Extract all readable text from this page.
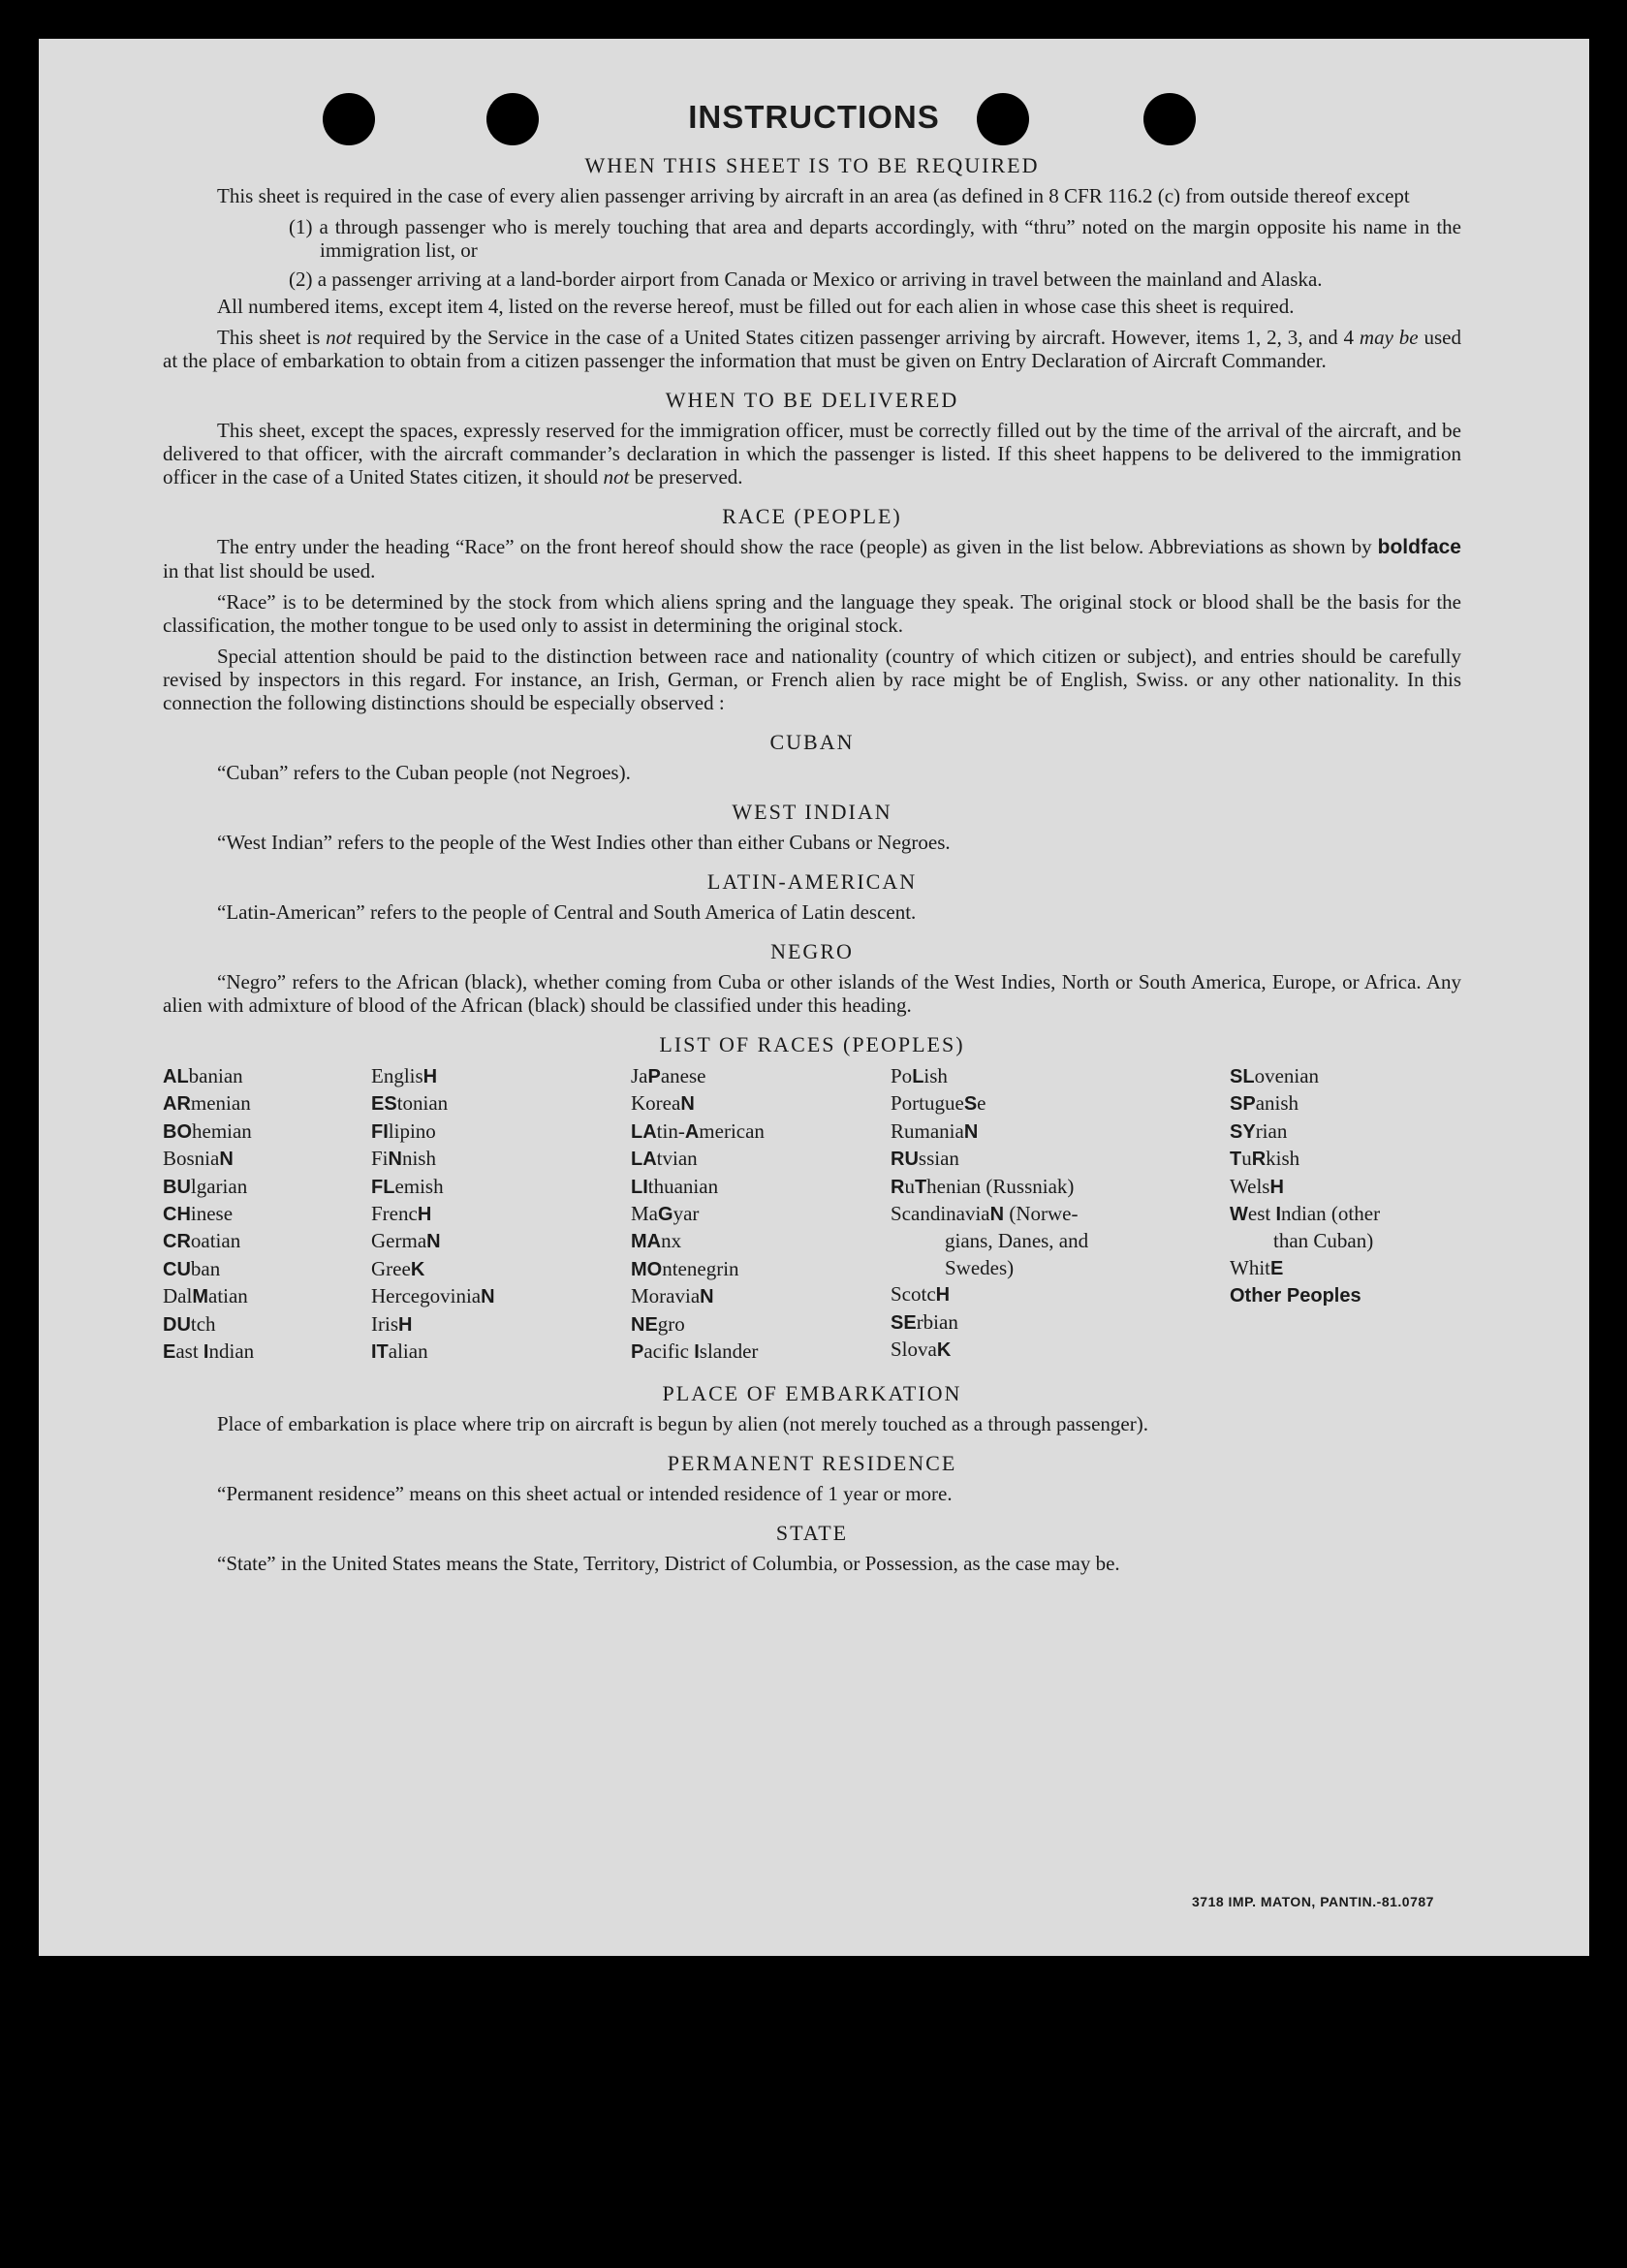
INSTRUCTIONS
WHEN THIS SHEET IS TO BE REQUIRED
This sheet is required in the case of every alien passenger arriving by aircraft in an area (as defined in 8 CFR 116.2 (c) from outside thereof except
(1) a through passenger who is merely touching that area and departs accordingly, with “thru” noted on the margin opposite his name in the immigration list, or
(2) a passenger arriving at a land-border airport from Canada or Mexico or arriving in travel between the mainland and Alaska.
All numbered items, except item 4, listed on the reverse hereof, must be filled out for each alien in whose case this sheet is required.
This sheet is not required by the Service in the case of a United States citizen passenger arriving by aircraft. However, items 1, 2, 3, and 4 may be used at the place of embarkation to obtain from a citizen passenger the information that must be given on Entry Declaration of Aircraft Commander.
WHEN TO BE DELIVERED
This sheet, except the spaces, expressly reserved for the immigration officer, must be correctly filled out by the time of the arrival of the aircraft, and be delivered to that officer, with the aircraft commander’s declaration in which the passenger is listed. If this sheet happens to be delivered to the immigration officer in the case of a United States citizen, it should not be preserved.
RACE (PEOPLE)
The entry under the heading “Race” on the front hereof should show the race (people) as given in the list below. Abbreviations as shown by boldface in that list should be used.
“Race” is to be determined by the stock from which aliens spring and the language they speak. The original stock or blood shall be the basis for the classification, the mother tongue to be used only to assist in determining the original stock.
Special attention should be paid to the distinction between race and nationality (country of which citizen or subject), and entries should be carefully revised by inspectors in this regard. For instance, an Irish, German, or French alien by race might be of English, Swiss. or any other nationality. In this connection the following distinctions should be especially observed :
CUBAN
“Cuban” refers to the Cuban people (not Negroes).
WEST INDIAN
“West Indian” refers to the people of the West Indies other than either Cubans or Negroes.
LATIN-AMERICAN
“Latin-American” refers to the people of Central and South America of Latin descent.
NEGRO
“Negro” refers to the African (black), whether coming from Cuba or other islands of the West Indies, North or South America, Europe, or Africa. Any alien with admixture of blood of the African (black) should be classified under this heading.
LIST OF RACES (PEOPLES)
ALbanian
ARmenian
BOhemian
BosniaN
BUlgarian
CHinese
CRoatian
CUban
DalMatian
DUtch
East Indian
EnglisH
EStonian
FIlipino
FiNnish
FLemish
FrencH
GermaN
GreeK
HercegoviniaN
IrisH
ITalian
JaPanese
KoreaN
LAtin-American
LAtvian
LIthuanian
MaGyar
MAnx
MOntenegrin
MoraviaN
NEgro
Pacific Islander
PoLish
PortugueSe
RumaniaN
RUssian
RuThenian (Russniak)
ScandinaviaN (Norwe-
gians, Danes, and
Swedes)
ScotcH
SErbian
SlovaK
SLovenian
SPanish
SYrian
TuRkish
WelsH
West Indian (other
than Cuban)
WhitE
Other Peoples
PLACE OF EMBARKATION
Place of embarkation is place where trip on aircraft is begun by alien (not merely touched as a through passenger).
PERMANENT RESIDENCE
“Permanent residence” means on this sheet actual or intended residence of 1 year or more.
STATE
“State” in the United States means the State, Territory, District of Columbia, or Possession, as the case may be.
3718 IMP. MATON, PANTIN.-81.0787
